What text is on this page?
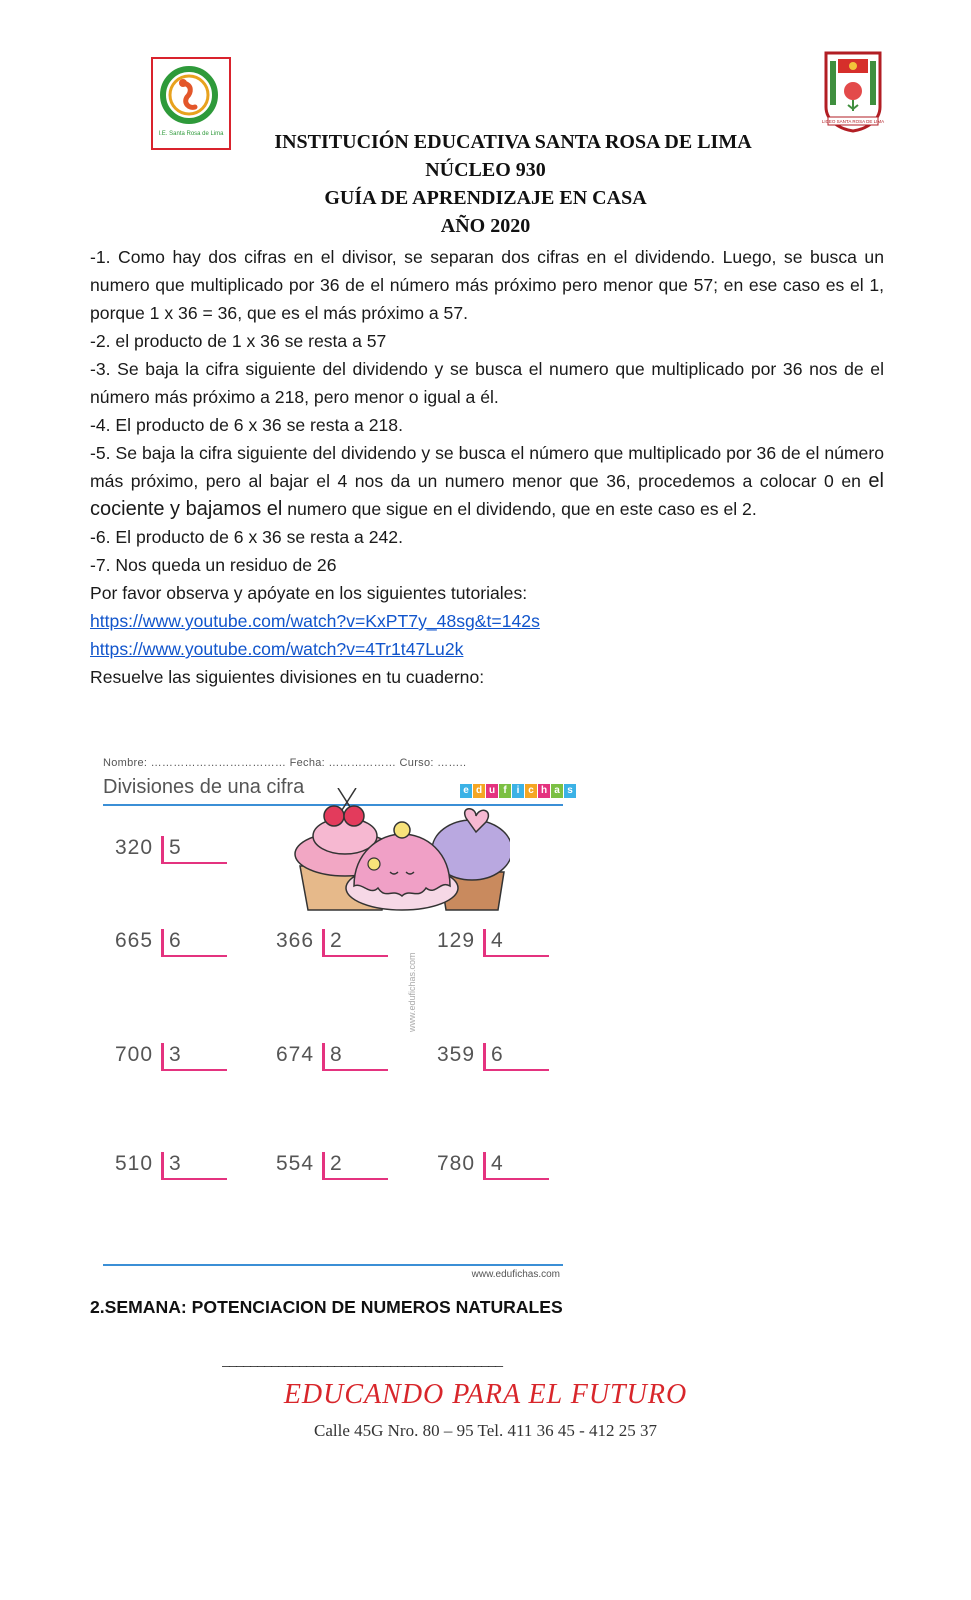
I.E. Santa Rosa de Lima
LICEO SANTA ROSA DE LIMA
INSTITUCIÓN EDUCATIVA SANTA ROSA DE LIMA
NÚCLEO 930
GUÍA DE APRENDIZAJE EN CASA
AÑO 2020

-1. Como hay dos cifras en el divisor, se separan dos cifras en el dividendo. Luego, se busca un numero que multiplicado por 36 de el número más próximo pero menor que 57; en ese caso es el 1, porque 1 x 36 = 36, que es el más próximo a 57.

-2. el producto de 1 x 36 se resta a 57

-3. Se baja la cifra siguiente del dividendo y se busca el numero que multiplicado por 36 nos de el número más próximo a 218, pero menor o igual a él.

-4. El producto de 6 x 36 se resta a 218.

-5. Se baja la cifra siguiente del dividendo y se busca el número que multiplicado por 36 de el número más próximo, pero al bajar el 4 nos da un numero menor que 36, procedemos a colocar 0 en el cociente y bajamos el numero que sigue en el dividendo, que en este caso es el 2.

-6. El producto de 6 x 36 se resta a 242.

-7. Nos queda un residuo de 26

Por favor observa y apóyate en los siguientes tutoriales:

https://www.youtube.com/watch?v=KxPT7y_48sg&t=142s

https://www.youtube.com/watch?v=4Tr1t47Lu2k

Resuelve las siguientes divisiones en tu cuaderno:

Nombre: ……………………………… Fecha: ……………… Curso: ……..
Divisiones de una cifra	e d u f i c h a s
www.edufichas.com
320 5
665 6	366 2	129 4
700 3	674 8	359 6
510 3	554 2	780 4
www.edufichas.com
2.SEMANA: POTENCIACION DE NUMEROS NATURALES
________________________________________
EDUCANDO PARA EL FUTURO
Calle 45G Nro. 80 – 95 Tel. 411 36 45 - 412 25 37
